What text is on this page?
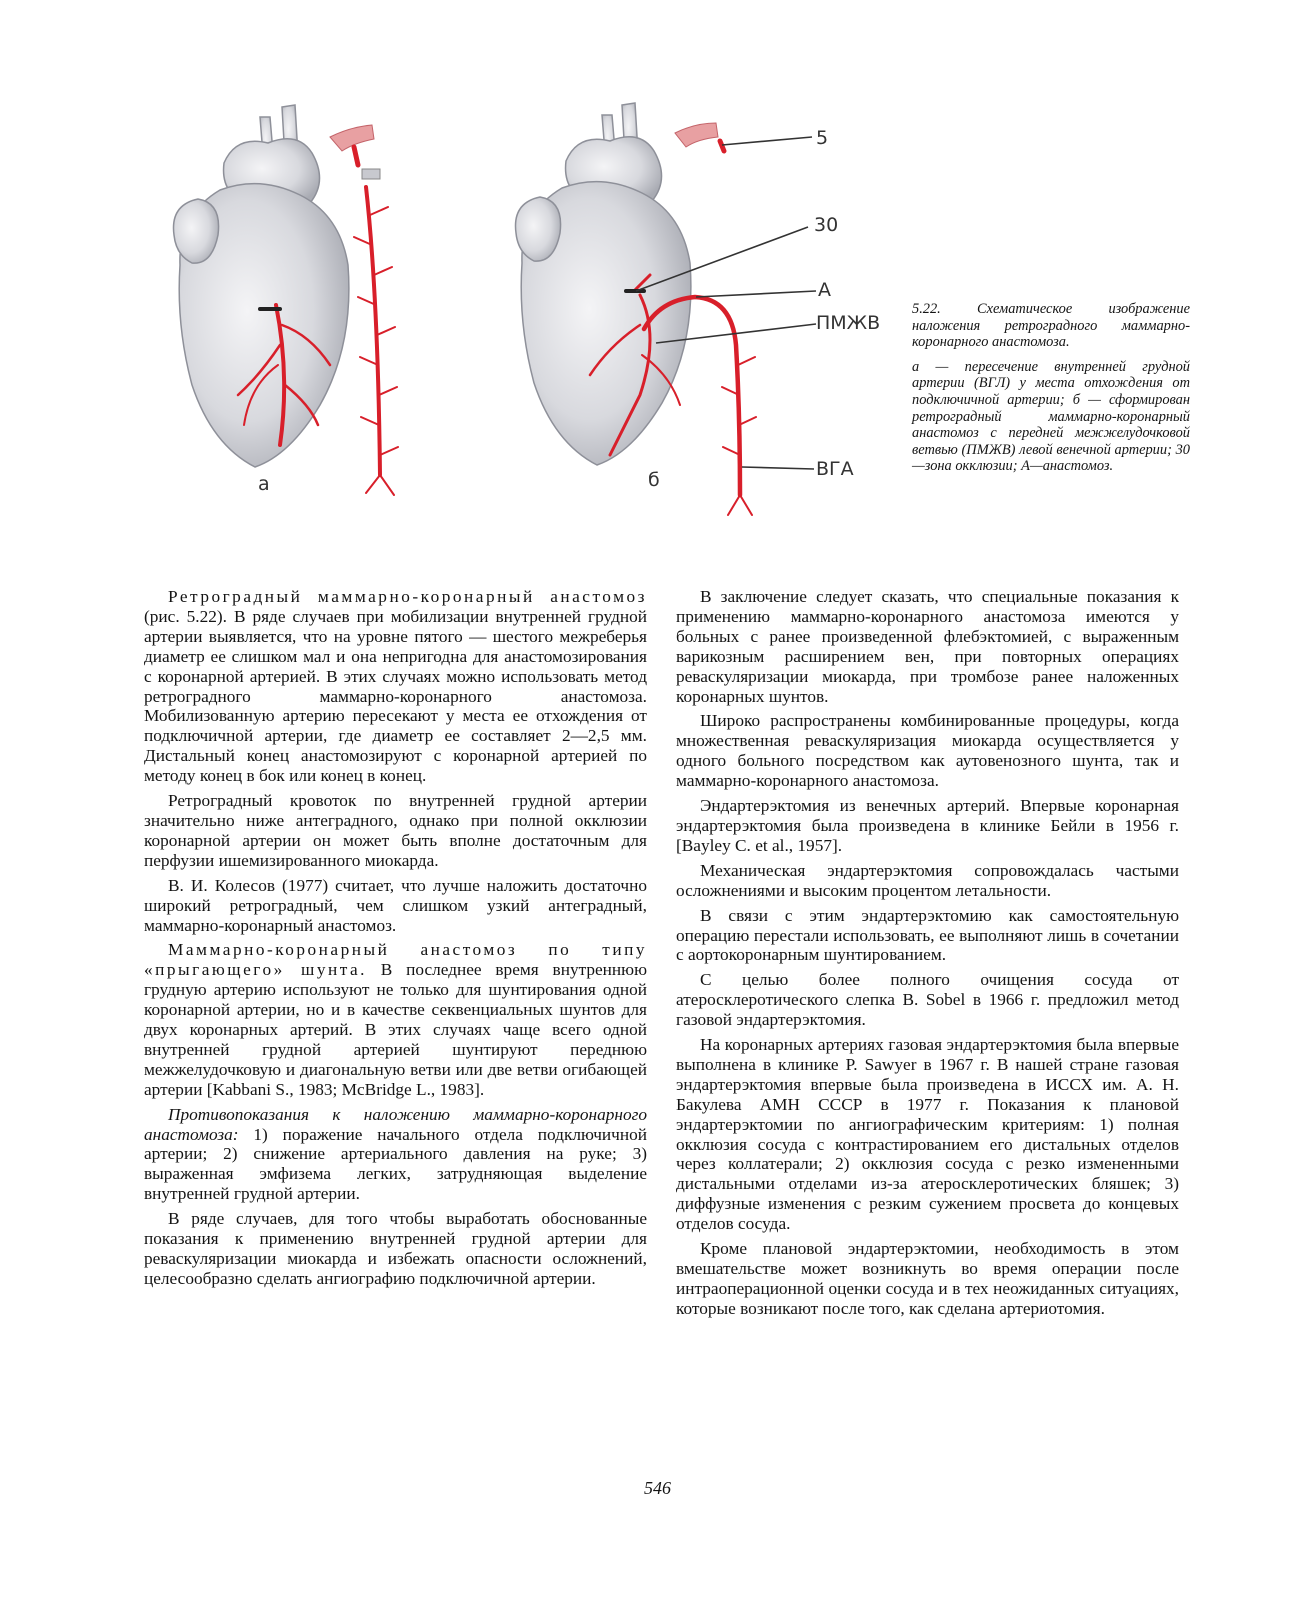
а	б
5
30
А
ПМЖВ
ВГА

5.22. Схематическое изображение наложения ретроградного маммарно-коронарного анастомоза.

а — пересечение внутренней грудной артерии (ВГЛ) у места отхождения от подключичной артерии; б — сформирован ретроградный маммарно-коронарный анастомоз с передней межжелудочковой ветвью (ПМЖВ) левой венечной артерии; 30—зона окклюзии; А—анастомоз.

Ретроградный маммарно-коронарный анастомоз (рис. 5.22). В ряде случаев при мобилизации внутренней грудной артерии выявляется, что на уровне пятого — шестого межреберья диаметр ее слишком мал и она непригодна для анастомозирования с коронарной артерией. В этих случаях можно использовать метод ретроградного маммарно-коронарного анастомоза. Мобилизованную артерию пересекают у места ее отхождения от подключичной артерии, где диаметр ее составляет 2—2,5 мм. Дистальный конец анастомозируют с коронарной артерией по методу конец в бок или конец в конец.

Ретроградный кровоток по внутренней грудной артерии значительно ниже антеградного, однако при полной окклюзии коронарной артерии он может быть вполне достаточным для перфузии ишемизированного миокарда.

В. И. Колесов (1977) считает, что лучше наложить достаточно широкий ретроградный, чем слишком узкий антеградный, маммарно-коронарный анастомоз.

Маммарно-коронарный анастомоз по типу «прыгающего» шунта. В последнее время внутреннюю грудную артерию используют не только для шунтирования одной коронарной артерии, но и в качестве секвенциальных шунтов для двух коронарных артерий. В этих случаях чаще всего одной внутренней грудной артерией шунтируют переднюю межжелудочковую и диагональную ветви или две ветви огибающей артерии [Kabbani S., 1983; McBridge L., 1983].

Противопоказания к наложению маммарно-коронарного анастомоза: 1) поражение начального отдела подключичной артерии; 2) снижение артериального давления на руке; 3) выраженная эмфизема легких, затрудняющая выделение внутренней грудной артерии.

В ряде случаев, для того чтобы выработать обоснованные показания к применению внутренней грудной артерии для реваскуляризации миокарда и избежать опасности осложнений, целесообразно сделать ангиографию подключичной артерии.

В заключение следует сказать, что специальные показания к применению маммарно-коронарного анастомоза имеются у больных с ранее произведенной флебэктомией, с выраженным варикозным расширением вен, при повторных операциях реваскуляризации миокарда, при тромбозе ранее наложенных коронарных шунтов.

Широко распространены комбинированные процедуры, когда множественная реваскуляризация миокарда осуществляется у одного больного посредством как аутовенозного шунта, так и маммарно-коронарного анастомоза.

Эндартерэктомия из венечных артерий. Впервые коронарная эндартерэктомия была произведена в клинике Бейли в 1956 г. [Bayley C. et al., 1957].

Механическая эндартерэктомия сопровождалась частыми осложнениями и высоким процентом летальности.

В связи с этим эндартерэктомию как самостоятельную операцию перестали использовать, ее выполняют лишь в сочетании с аортокоронарным шунтированием.

С целью более полного очищения сосуда от атеросклеротического слепка B. Sobel в 1966 г. предложил метод газовой эндартерэктомия.

На коронарных артериях газовая эндартерэктомия была впервые выполнена в клинике P. Sawyer в 1967 г. В нашей стране газовая эндартерэктомия впервые была произведена в ИССХ им. А. Н. Бакулева АМН СССР в 1977 г. Показания к плановой эндартерэктомии по ангиографическим критериям: 1) полная окклюзия сосуда с контрастированием его дистальных отделов через коллатерали; 2) окклюзия сосуда с резко измененными дистальными отделами из-за атеросклеротических бляшек; 3) диффузные изменения с резким сужением просвета до концевых отделов сосуда.

Кроме плановой эндартерэктомии, необходимость в этом вмешательстве может возникнуть во время операции после интраоперационной оценки сосуда и в тех неожиданных ситуациях, которые возникают после того, как сделана артериотомия.

546
